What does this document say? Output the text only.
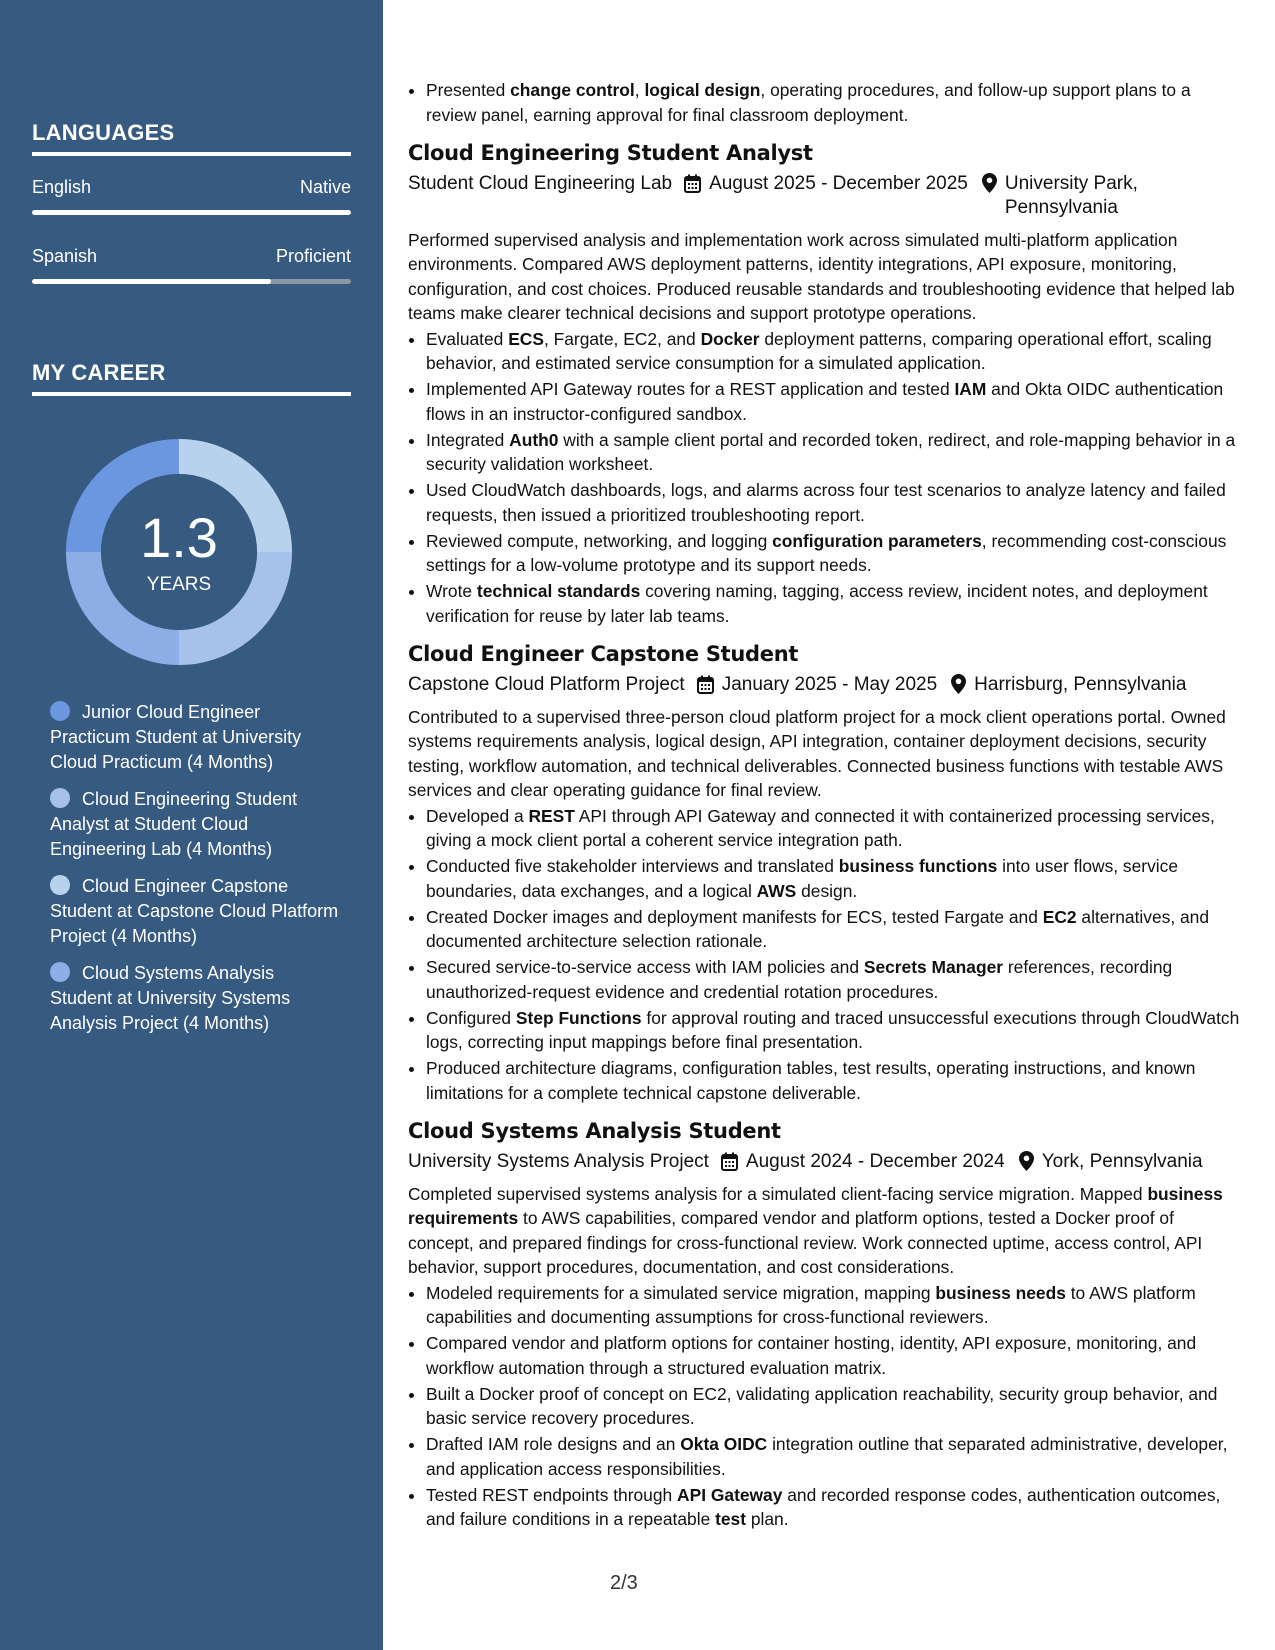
LANGUAGES
English	Native
Spanish	Proficient
MY CAREER
1.3
YEARS
Junior Cloud Engineer Practicum Student at University Cloud Practicum (4 Months)
Cloud Engineering Student Analyst at Student Cloud Engineering Lab (4 Months)
Cloud Engineer Capstone Student at Capstone Cloud Platform Project (4 Months)
Cloud Systems Analysis Student at University Systems Analysis Project (4 Months)
• Presented change control, logical design, operating procedures, and follow-up support plans to a review panel, earning approval for final classroom deployment.
Cloud Engineering Student Analyst
Student Cloud Engineering Lab August 2025 - December 2025 University Park, Pennsylvania

Performed supervised analysis and implementation work across simulated multi-platform application environments. Compared AWS deployment patterns, identity integrations, API exposure, monitoring, configuration, and cost choices. Produced reusable standards and troubleshooting evidence that helped lab teams make clearer technical decisions and support prototype operations.

• Evaluated ECS, Fargate, EC2, and Docker deployment patterns, comparing operational effort, scaling behavior, and estimated service consumption for a simulated application.
• Implemented API Gateway routes for a REST application and tested IAM and Okta OIDC authentication flows in an instructor-configured sandbox.
• Integrated Auth0 with a sample client portal and recorded token, redirect, and role-mapping behavior in a security validation worksheet.
• Used CloudWatch dashboards, logs, and alarms across four test scenarios to analyze latency and failed requests, then issued a prioritized troubleshooting report.
• Reviewed compute, networking, and logging configuration parameters, recommending cost-conscious settings for a low-volume prototype and its support needs.
• Wrote technical standards covering naming, tagging, access review, incident notes, and deployment verification for reuse by later lab teams.
Cloud Engineer Capstone Student
Capstone Cloud Platform Project January 2025 - May 2025 Harrisburg, Pennsylvania

Contributed to a supervised three-person cloud platform project for a mock client operations portal. Owned systems requirements analysis, logical design, API integration, container deployment decisions, security testing, workflow automation, and technical deliverables. Connected business functions with testable AWS services and clear operating guidance for final review.

• Developed a REST API through API Gateway and connected it with containerized processing services, giving a mock client portal a coherent service integration path.
• Conducted five stakeholder interviews and translated business functions into user flows, service boundaries, data exchanges, and a logical AWS design.
• Created Docker images and deployment manifests for ECS, tested Fargate and EC2 alternatives, and documented architecture selection rationale.
• Secured service-to-service access with IAM policies and Secrets Manager references, recording unauthorized-request evidence and credential rotation procedures.
• Configured Step Functions for approval routing and traced unsuccessful executions through CloudWatch logs, correcting input mappings before final presentation.
• Produced architecture diagrams, configuration tables, test results, operating instructions, and known limitations for a complete technical capstone deliverable.
Cloud Systems Analysis Student
University Systems Analysis Project August 2024 - December 2024 York, Pennsylvania

Completed supervised systems analysis for a simulated client-facing service migration. Mapped business requirements to AWS capabilities, compared vendor and platform options, tested a Docker proof of concept, and prepared findings for cross-functional review. Work connected uptime, access control, API behavior, support procedures, documentation, and cost considerations.

• Modeled requirements for a simulated service migration, mapping business needs to AWS platform capabilities and documenting assumptions for cross-functional reviewers.
• Compared vendor and platform options for container hosting, identity, API exposure, monitoring, and workflow automation through a structured evaluation matrix.
• Built a Docker proof of concept on EC2, validating application reachability, security group behavior, and basic service recovery procedures.
• Drafted IAM role designs and an Okta OIDC integration outline that separated administrative, developer, and application access responsibilities.
• Tested REST endpoints through API Gateway and recorded response codes, authentication outcomes, and failure conditions in a repeatable test plan.
2/3
